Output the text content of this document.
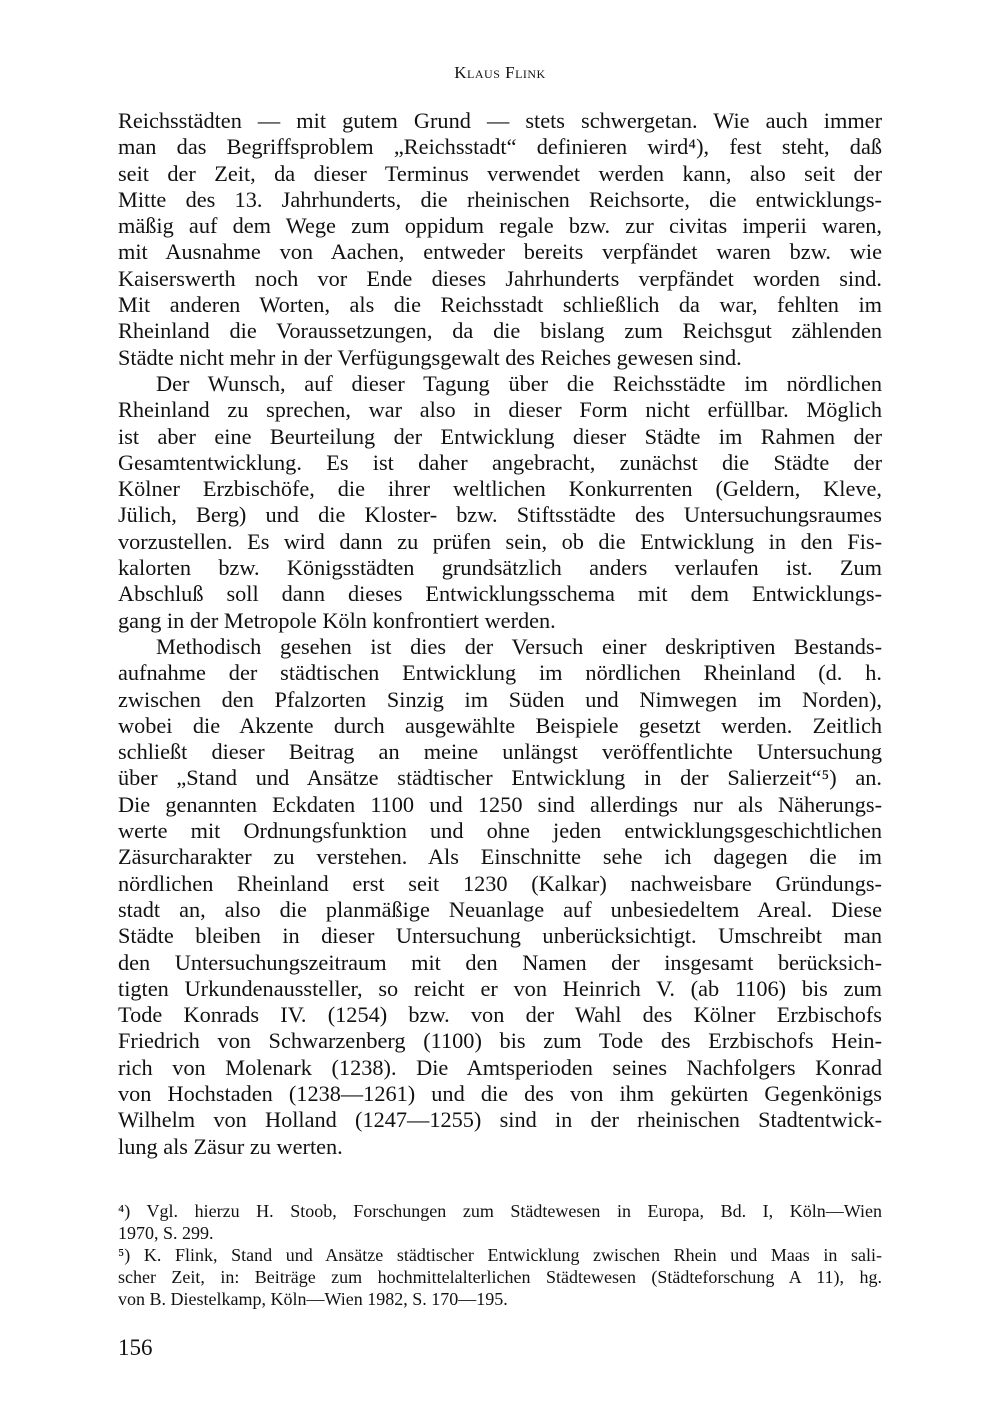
Klaus Flink
Reichsstädten — mit gutem Grund — stets schwergetan. Wie auch immer
man das Begriffsproblem „Reichsstadt“ definieren wird⁴), fest steht, daß
seit der Zeit, da dieser Terminus verwendet werden kann, also seit der
Mitte des 13. Jahrhunderts, die rheinischen Reichsorte, die entwicklungs-
mäßig auf dem Wege zum oppidum regale bzw. zur civitas imperii waren,
mit Ausnahme von Aachen, entweder bereits verpfändet waren bzw. wie
Kaiserswerth noch vor Ende dieses Jahrhunderts verpfändet worden sind.
Mit anderen Worten, als die Reichsstadt schließlich da war, fehlten im
Rheinland die Voraussetzungen, da die bislang zum Reichsgut zählenden
Städte nicht mehr in der Verfügungsgewalt des Reiches gewesen sind.
Der Wunsch, auf dieser Tagung über die Reichsstädte im nördlichen
Rheinland zu sprechen, war also in dieser Form nicht erfüllbar. Möglich
ist aber eine Beurteilung der Entwicklung dieser Städte im Rahmen der
Gesamtentwicklung. Es ist daher angebracht, zunächst die Städte der
Kölner Erzbischöfe, die ihrer weltlichen Konkurrenten (Geldern, Kleve,
Jülich, Berg) und die Kloster- bzw. Stiftsstädte des Untersuchungsraumes
vorzustellen. Es wird dann zu prüfen sein, ob die Entwicklung in den Fis-
kalorten bzw. Königsstädten grundsätzlich anders verlaufen ist. Zum
Abschluß soll dann dieses Entwicklungsschema mit dem Entwicklungs-
gang in der Metropole Köln konfrontiert werden.
Methodisch gesehen ist dies der Versuch einer deskriptiven Bestands-
aufnahme der städtischen Entwicklung im nördlichen Rheinland (d. h.
zwischen den Pfalzorten Sinzig im Süden und Nimwegen im Norden),
wobei die Akzente durch ausgewählte Beispiele gesetzt werden. Zeitlich
schließt dieser Beitrag an meine unlängst veröffentlichte Untersuchung
über „Stand und Ansätze städtischer Entwicklung in der Salierzeit“⁵) an.
Die genannten Eckdaten 1100 und 1250 sind allerdings nur als Näherungs-
werte mit Ordnungsfunktion und ohne jeden entwicklungsgeschichtlichen
Zäsurcharakter zu verstehen. Als Einschnitte sehe ich dagegen die im
nördlichen Rheinland erst seit 1230 (Kalkar) nachweisbare Gründungs-
stadt an, also die planmäßige Neuanlage auf unbesiedeltem Areal. Diese
Städte bleiben in dieser Untersuchung unberücksichtigt. Umschreibt man
den Untersuchungszeitraum mit den Namen der insgesamt berücksich-
tigten Urkundenaussteller, so reicht er von Heinrich V. (ab 1106) bis zum
Tode Konrads IV. (1254) bzw. von der Wahl des Kölner Erzbischofs
Friedrich von Schwarzenberg (1100) bis zum Tode des Erzbischofs Hein-
rich von Molenark (1238). Die Amtsperioden seines Nachfolgers Konrad
von Hochstaden (1238—1261) und die des von ihm gekürten Gegenkönigs
Wilhelm von Holland (1247—1255) sind in der rheinischen Stadtentwick-
lung als Zäsur zu werten.
⁴) Vgl. hierzu H. Stoob, Forschungen zum Städtewesen in Europa, Bd. I, Köln—Wien
1970, S. 299.
⁵) K. Flink, Stand und Ansätze städtischer Entwicklung zwischen Rhein und Maas in sali-
scher Zeit, in: Beiträge zum hochmittelalterlichen Städtewesen (Städteforschung A 11), hg.
von B. Diestelkamp, Köln—Wien 1982, S. 170—195.
156
